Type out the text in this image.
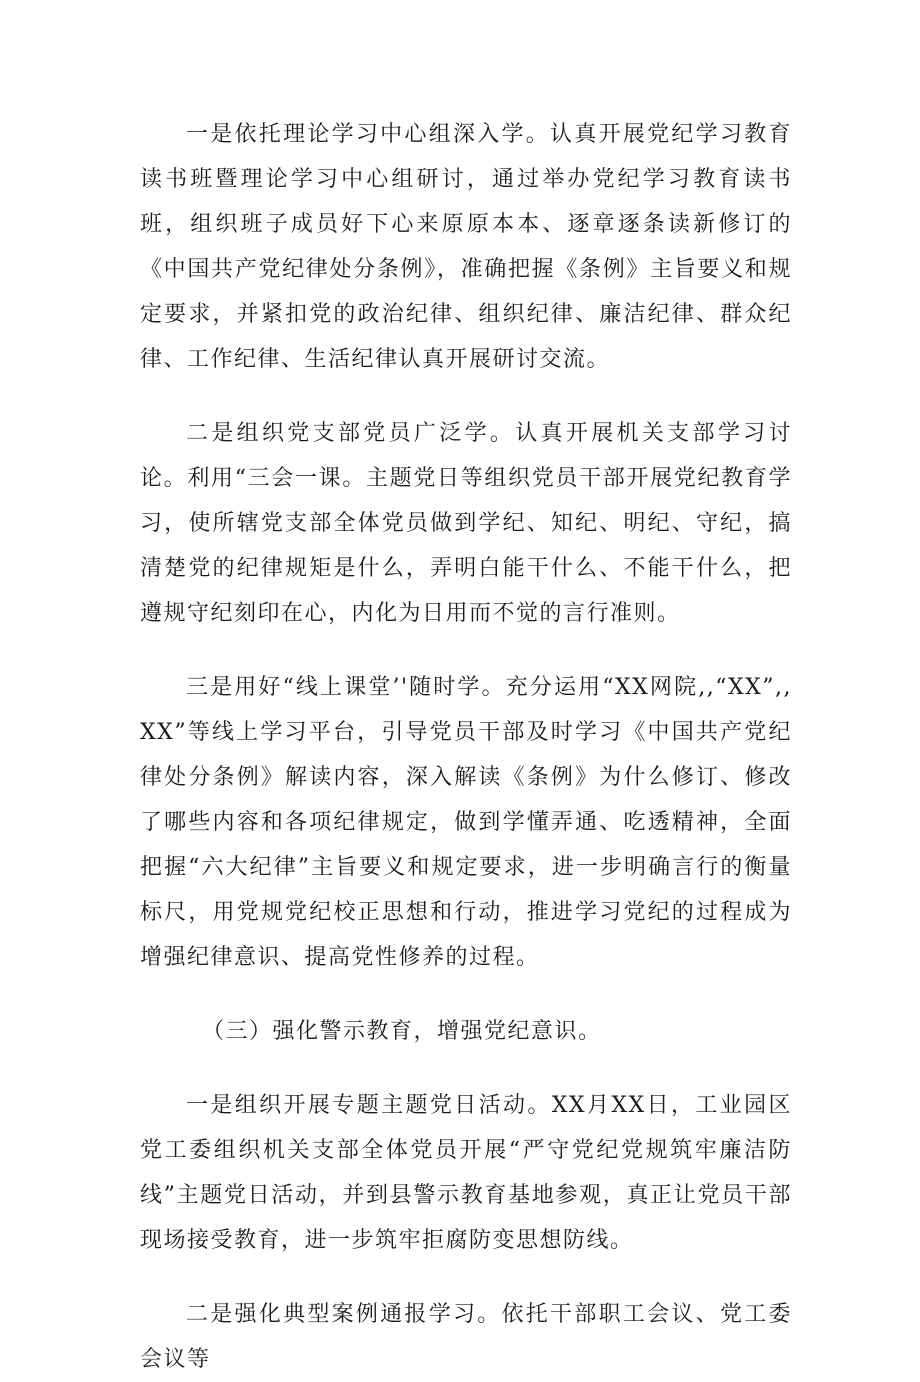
一是依托理论学习中心组深入学。认真开展党纪学习教育读书班暨理论学习中心组研讨，通过举办党纪学习教育读书班，组织班子成员好下心来原原本本、逐章逐条读新修订的《中国共产党纪律处分条例》，准确把握《条例》主旨要义和规定要求，并紧扣党的政治纪律、组织纪律、廉洁纪律、群众纪律、工作纪律、生活纪律认真开展研讨交流。

二是组织党支部党员广泛学。认真开展机关支部学习讨论。利用“三会一课。主题党日等组织党员干部开展党纪教育学习，使所辖党支部全体党员做到学纪、知纪、明纪、守纪，搞清楚党的纪律规矩是什么，弄明白能干什么、不能干什么，把遵规守纪刻印在心，内化为日用而不觉的言行准则。

三是用好“线上课堂’'随时学。充分运用“XX网院,,“XX”,,XX”等线上学习平台，引导党员干部及时学习《中国共产党纪律处分条例》解读内容，深入解读《条例》为什么修订、修改了哪些内容和各项纪律规定，做到学懂弄通、吃透精神，全面把握“六大纪律”主旨要义和规定要求，进一步明确言行的衡量标尺，用党规党纪校正思想和行动，推进学习党纪的过程成为增强纪律意识、提高党性修养的过程。

（三）强化警示教育，增强党纪意识。

一是组织开展专题主题党日活动。XX月XX日，工业园区党工委组织机关支部全体党员开展“严守党纪党规筑牢廉洁防线”主题党日活动，并到县警示教育基地参观，真正让党员干部现场接受教育，进一步筑牢拒腐防变思想防线。

二是强化典型案例通报学习。依托干部职工会议、党工委会议等
